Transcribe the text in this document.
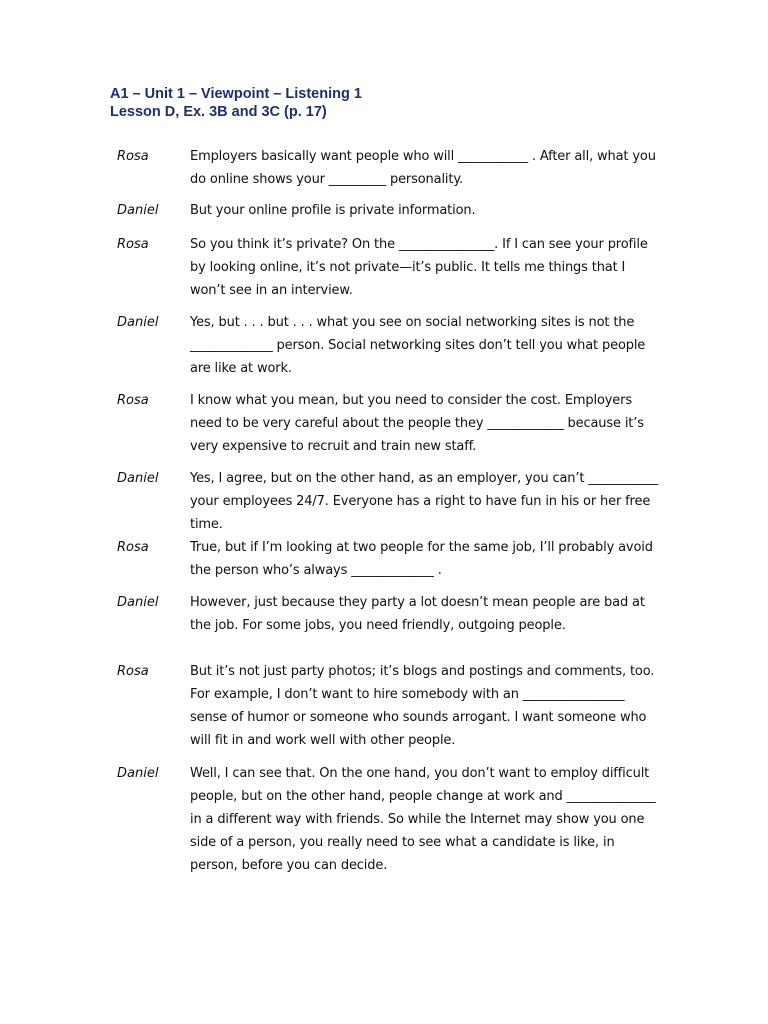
A1 – Unit 1 – Viewpoint – Listening 1
Lesson D, Ex. 3B and 3C (p. 17)
Rosa	Employers basically want people who will ___________ . After all, what you
do online shows your _________ personality.
Daniel But your online profile is private information.
Rosa	So you think it’s private? On the _______________. If I can see your profile
by looking online, it’s not private—it’s public. It tells me things that I
won’t see in an interview.
Daniel Yes, but . . . but . . . what you see on social networking sites is not the
_____________ person. Social networking sites don’t tell you what people
are like at work.
Rosa	I know what you mean, but you need to consider the cost. Employers
need to be very careful about the people they ____________ because it’s
very expensive to recruit and train new staff.
Daniel Yes, I agree, but on the other hand, as an employer, you can’t ___________
your employees 24/7. Everyone has a right to have fun in his or her free
time.
Rosa	True, but if I’m looking at two people for the same job, I’ll probably avoid
the person who’s always _____________ .
Daniel However, just because they party a lot doesn’t mean people are bad at
the job. For some jobs, you need friendly, outgoing people.
Rosa	But it’s not just party photos; it’s blogs and postings and comments, too.
For example, I don’t want to hire somebody with an ________________
sense of humor or someone who sounds arrogant. I want someone who
will fit in and work well with other people.
Daniel Well, I can see that. On the one hand, you don’t want to employ difficult
people, but on the other hand, people change at work and ______________
in a different way with friends. So while the Internet may show you one
side of a person, you really need to see what a candidate is like, in
person, before you can decide.
